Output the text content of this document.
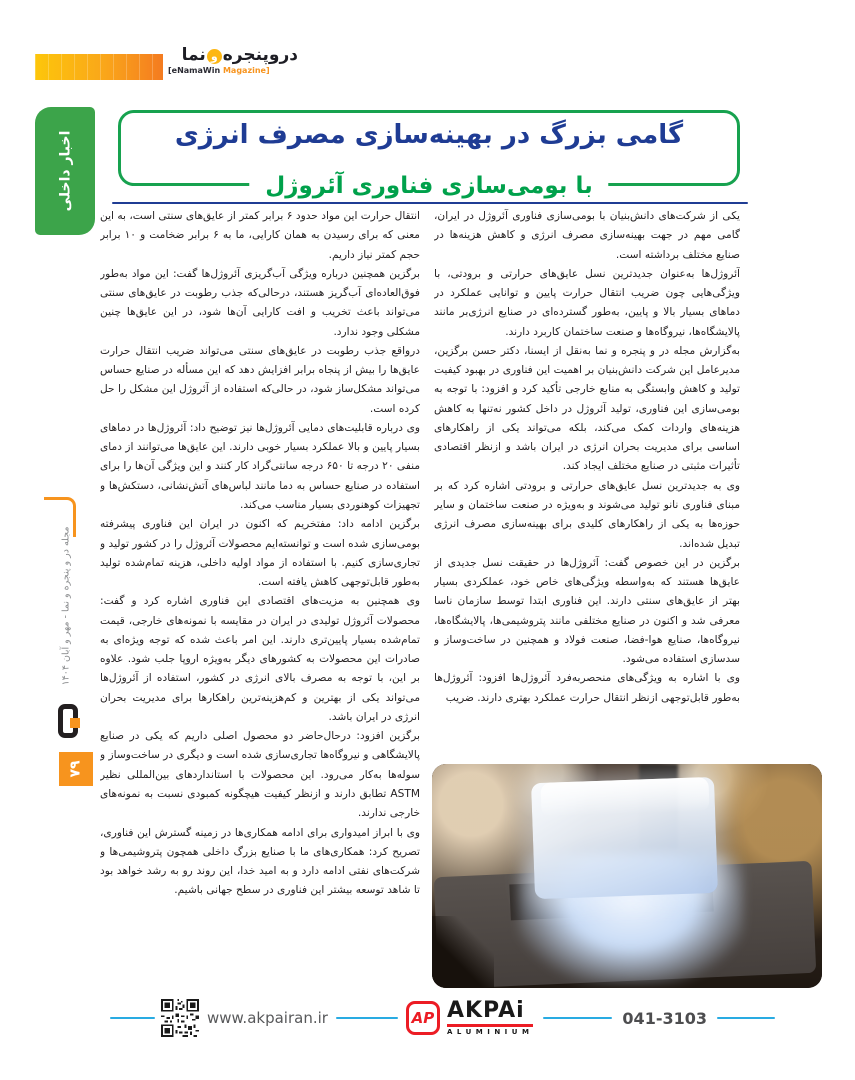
دروپنجرهونما
[eNamaWin Magazine]
اخبار داخلی	گامی بزرگ در بهینه‌سازی مصرف انرژی
با بومی‌سازی فناوری آئروژل

یکی از شرکت‌های دانش‌بنیان با بومی‌سازی فناوری آئروژل در ایران، گامی مهم در جهت بهینه‌سازی مصرف انرژی و کاهش هزینه‌ها در صنایع مختلف برداشته است.

آئروژل‌ها به‌عنوان جدیدترین نسل عایق‌های حرارتی و برودتی، با ویژگی‌هایی چون ضریب انتقال حرارت پایین و توانایی عملکرد در دماهای بسیار بالا و پایین، به‌طور گسترده‌ای در صنایع انرژی‌بر مانند پالایشگاه‌ها، نیروگاه‌ها و صنعت ساختمان کاربرد دارند.

به‌گزارش مجله در و پنجره و نما به‌نقل از ایسنا، دکتر حسن برگزین، مدیرعامل این شرکت دانش‌بنیان بر اهمیت این فناوری در بهبود کیفیت تولید و کاهش وابستگی به منابع خارجی تأکید کرد و افزود: با توجه به بومی‌سازی این فناوری، تولید آئروژل در داخل کشور نه‌تنها به کاهش هزینه‌های واردات کمک می‌کند، بلکه می‌تواند یکی از راهکارهای اساسی برای مدیریت بحران انرژی در ایران باشد و ازنظر اقتصادی تأثیرات مثبتی در صنایع مختلف ایجاد کند.

وی به جدیدترین نسل عایق‌های حرارتی و برودتی اشاره کرد که بر مبنای فناوری نانو تولید می‌شوند و به‌ویژه در صنعت ساختمان و سایر حوزه‌ها به یکی از راهکارهای کلیدی برای بهینه‌سازی مصرف انرژی تبدیل شده‌اند.

برگزین در این خصوص گفت: آئروژل‌ها در حقیقت نسل جدیدی از عایق‌ها هستند که به‌واسطه ویژگی‌های خاص خود، عملکردی بسیار بهتر از عایق‌های سنتی دارند. این فناوری ابتدا توسط سازمان ناسا معرفی شد و اکنون در صنایع مختلفی مانند پتروشیمی‌ها، پالایشگاه‌ها، نیروگاه‌ها، صنایع هوا-فضا، صنعت فولاد و همچنین در ساخت‌وساز و سدسازی استفاده می‌شود.

وی با اشاره به ویژگی‌های منحصربه‌فرد آئروژل‌ها افزود: آئروژل‌ها به‌طور قابل‌توجهی ازنظر انتقال حرارت عملکرد بهتری دارند. ضریب

انتقال حرارت این مواد حدود ۶ برابر کمتر از عایق‌های سنتی است، به این معنی که برای رسیدن به همان کارایی، ما به ۶ برابر ضخامت و ۱۰ برابر حجم کمتر نیاز داریم.

برگزین همچنین درباره ویژگی آب‌گریزی آئروژل‌ها گفت: این مواد به‌طور فوق‌العاده‌ای آب‌گریز هستند، درحالی‌که جذب رطوبت در عایق‌های سنتی می‌تواند باعث تخریب و افت کارایی آن‌ها شود، در این عایق‌ها چنین مشکلی وجود ندارد.

درواقع جذب رطوبت در عایق‌های سنتی می‌تواند ضریب انتقال حرارت عایق‌ها را بیش از پنجاه برابر افزایش دهد که این مسأله در صنایع حساس می‌تواند مشکل‌ساز شود، در حالی‌که استفاده از آئروژل این مشکل را حل کرده است.

وی درباره قابلیت‌های دمایی آئروژل‌ها نیز توضیح داد: آئروژل‌ها در دماهای بسیار پایین و بالا عملکرد بسیار خوبی دارند. این عایق‌ها می‌توانند از دمای منفی ۲۰ درجه تا ۶۵۰ درجه سانتی‌گراد کار کنند و این ویژگی آن‌ها را برای استفاده در صنایع حساس به دما مانند لباس‌های آتش‌نشانی، دستکش‌ها و تجهیزات کوهنوردی بسیار مناسب می‌کند.

برگزین ادامه داد: مفتخریم که اکنون در ایران این فناوری پیشرفته بومی‌سازی شده است و توانسته‌ایم محصولات آئروژل را در کشور تولید و تجاری‌سازی کنیم. با استفاده از مواد اولیه داخلی، هزینه تمام‌شده تولید به‌طور قابل‌توجهی کاهش یافته است.

وی همچنین به مزیت‌های اقتصادی این فناوری اشاره کرد و گفت: محصولات آئروژل تولیدی در ایران در مقایسه با نمونه‌های خارجی، قیمت تمام‌شده بسیار پایین‌تری دارند. این امر باعث شده که توجه ویژه‌ای به صادرات این محصولات به کشورهای دیگر به‌ویژه اروپا جلب شود. علاوه بر این، با توجه به مصرف بالای انرژی در کشور، استفاده از آئروژل‌ها می‌تواند یکی از بهترین و کم‌هزینه‌ترین راهکارها برای مدیریت بحران انرژی در ایران باشد.

برگزین افزود: درحال‌حاضر دو محصول اصلی داریم که یکی در صنایع پالایشگاهی و نیروگاه‌ها تجاری‌سازی شده است و دیگری در ساخت‌وساز و سوله‌ها به‌کار می‌رود. این محصولات با استانداردهای بین‌المللی نظیر ASTM تطابق دارند و ازنظر کیفیت هیچگونه کمبودی نسبت به نمونه‌های خارجی ندارند.

وی با ابراز امیدواری برای ادامه همکاری‌ها در زمینه گسترش این فناوری، تصریح کرد: همکاری‌های ما با صنایع بزرگ داخلی همچون پتروشیمی‌ها و شرکت‌های نفتی ادامه دارد و به امید خدا، این روند رو به رشد خواهد بود تا شاهد توسعه بیشتر این فناوری در سطح جهانی باشیم.

مجله در و پنجره و نما - مهر و آبان ۱۴۰۴
۷۹
www.akpairan.ir	AP AKPAi
ALUMINIUM
041-3103
